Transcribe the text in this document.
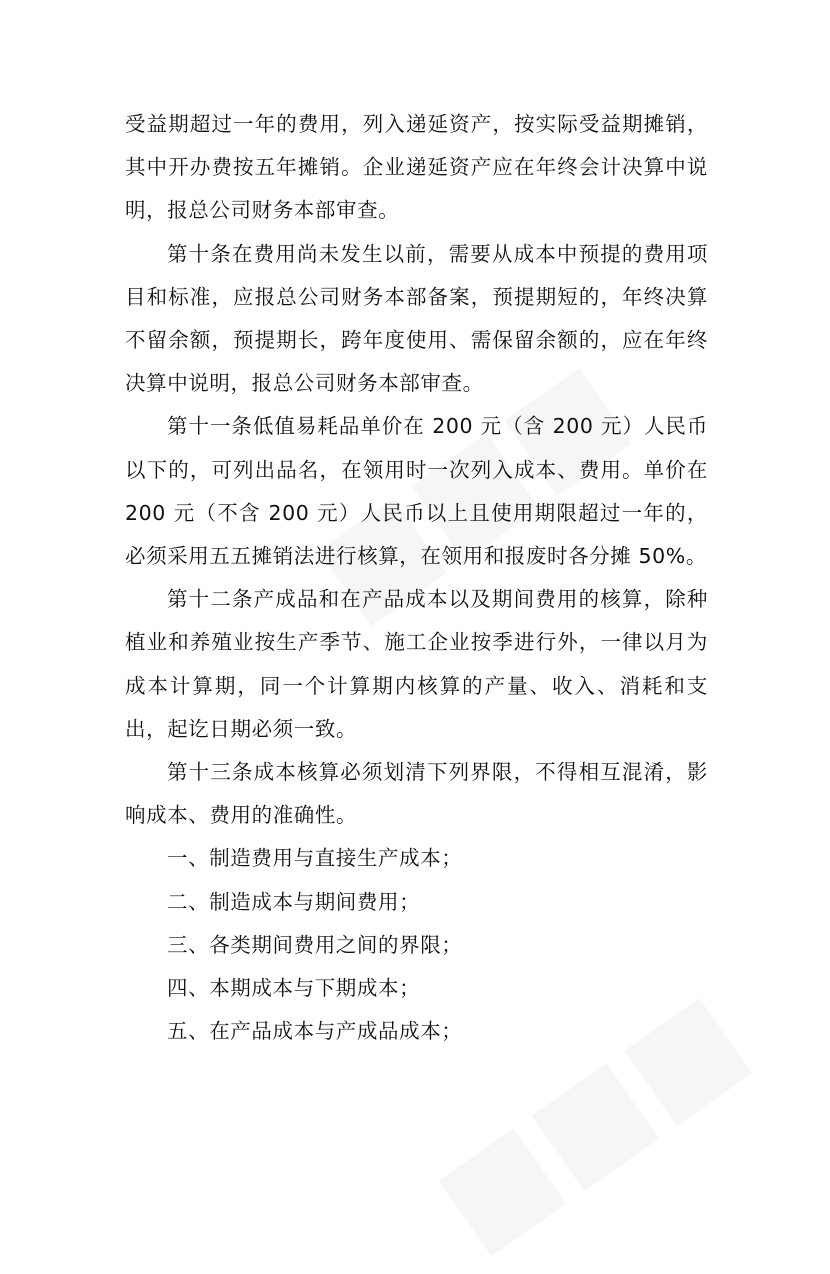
受益期超过一年的费用，列入递延资产，按实际受益期摊销，其中开办费按五年摊销。企业递延资产应在年终会计决算中说明，报总公司财务本部审查。

第十条在费用尚未发生以前，需要从成本中预提的费用项目和标准，应报总公司财务本部备案，预提期短的，年终决算不留余额，预提期长，跨年度使用、需保留余额的，应在年终决算中说明，报总公司财务本部审查。

第十一条低值易耗品单价在 200 元（含 200 元）人民币以下的，可列出品名，在领用时一次列入成本、费用。单价在 200 元（不含 200 元）人民币以上且使用期限超过一年的，必须采用五五摊销法进行核算，在领用和报废时各分摊 50%。

第十二条产成品和在产品成本以及期间费用的核算，除种植业和养殖业按生产季节、施工企业按季进行外，一律以月为成本计算期，同一个计算期内核算的产量、收入、消耗和支出，起讫日期必须一致。

第十三条成本核算必须划清下列界限，不得相互混淆，影响成本、费用的准确性。

一、制造费用与直接生产成本；

二、制造成本与期间费用；

三、各类期间费用之间的界限；

四、本期成本与下期成本；

五、在产品成本与产成品成本；
